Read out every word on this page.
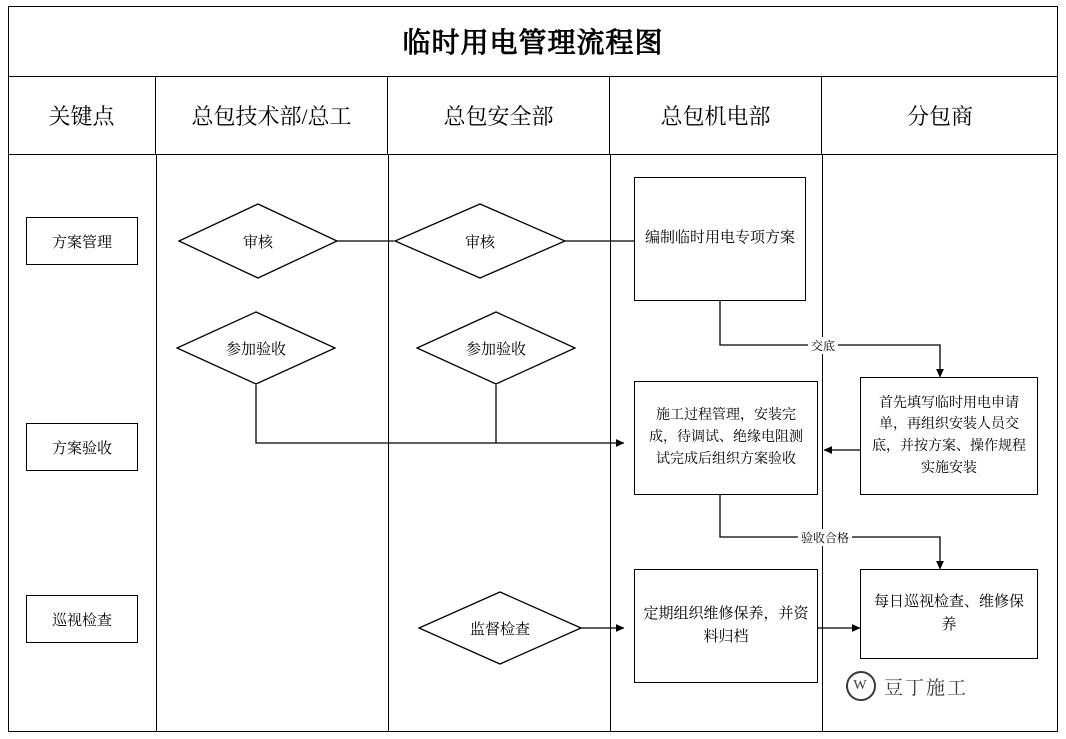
临时用电管理流程图
关键点	总包技术部/总工	总包安全部	总包机电部	分包商
交底
验收合格
方案管理
方案验收
巡视检查
编制临时用电专项方案
审核
审核
参加验收	参加验收
施工过程管理，安装完成，待调试、绝缘电阻测试完成后组织方案验收
首先填写临时用电申请单，再组织安装人员交底，并按方案、操作规程实施安装
监督检查
定期组织维修保养，并资料归档
每日巡视检查、维修保养
W 豆丁施工
